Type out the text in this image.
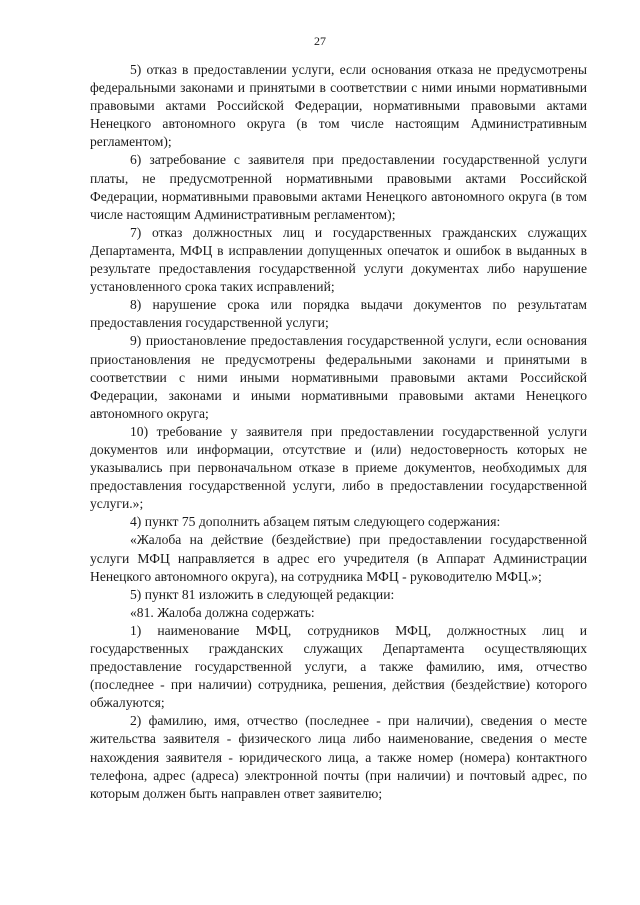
27

5) отказ в предоставлении услуги, если основания отказа не предусмотрены федеральными законами и принятыми в соответствии с ними иными нормативными правовыми актами Российской Федерации, нормативными правовыми актами Ненецкого автономного округа (в том числе настоящим Административным регламентом);

6) затребование с заявителя при предоставлении государственной услуги платы, не предусмотренной нормативными правовыми актами Российской Федерации, нормативными правовыми актами Ненецкого автономного округа (в том числе настоящим Административным регламентом);

7) отказ должностных лиц и государственных гражданских служащих Департамента, МФЦ в исправлении допущенных опечаток и ошибок в выданных в результате предоставления государственной услуги документах либо нарушение установленного срока таких исправлений;

8) нарушение срока или порядка выдачи документов по результатам предоставления государственной услуги;

9) приостановление предоставления государственной услуги, если основания приостановления не предусмотрены федеральными законами и принятыми в соответствии с ними иными нормативными правовыми актами Российской Федерации, законами и иными нормативными правовыми актами Ненецкого автономного округа;

10) требование у заявителя при предоставлении государственной услуги документов или информации, отсутствие и (или) недостоверность которых не указывались при первоначальном отказе в приеме документов, необходимых для предоставления государственной услуги, либо в предоставлении государственной услуги.»;

4) пункт 75 дополнить абзацем пятым следующего содержания:

«Жалоба на действие (бездействие) при предоставлении государственной услуги МФЦ направляется в адрес его учредителя (в Аппарат Администрации Ненецкого автономного округа), на сотрудника МФЦ - руководителю МФЦ.»;

5) пункт 81 изложить в следующей редакции:

«81. Жалоба должна содержать:

1) наименование МФЦ, сотрудников МФЦ, должностных лиц и государственных гражданских служащих Департамента осуществляющих предоставление государственной услуги, а также фамилию, имя, отчество (последнее - при наличии) сотрудника, решения, действия (бездействие) которого обжалуются;

2) фамилию, имя, отчество (последнее - при наличии), сведения о месте жительства заявителя - физического лица либо наименование, сведения о месте нахождения заявителя - юридического лица, а также номер (номера) контактного телефона, адрес (адреса) электронной почты (при наличии) и почтовый адрес, по которым должен быть направлен ответ заявителю;
